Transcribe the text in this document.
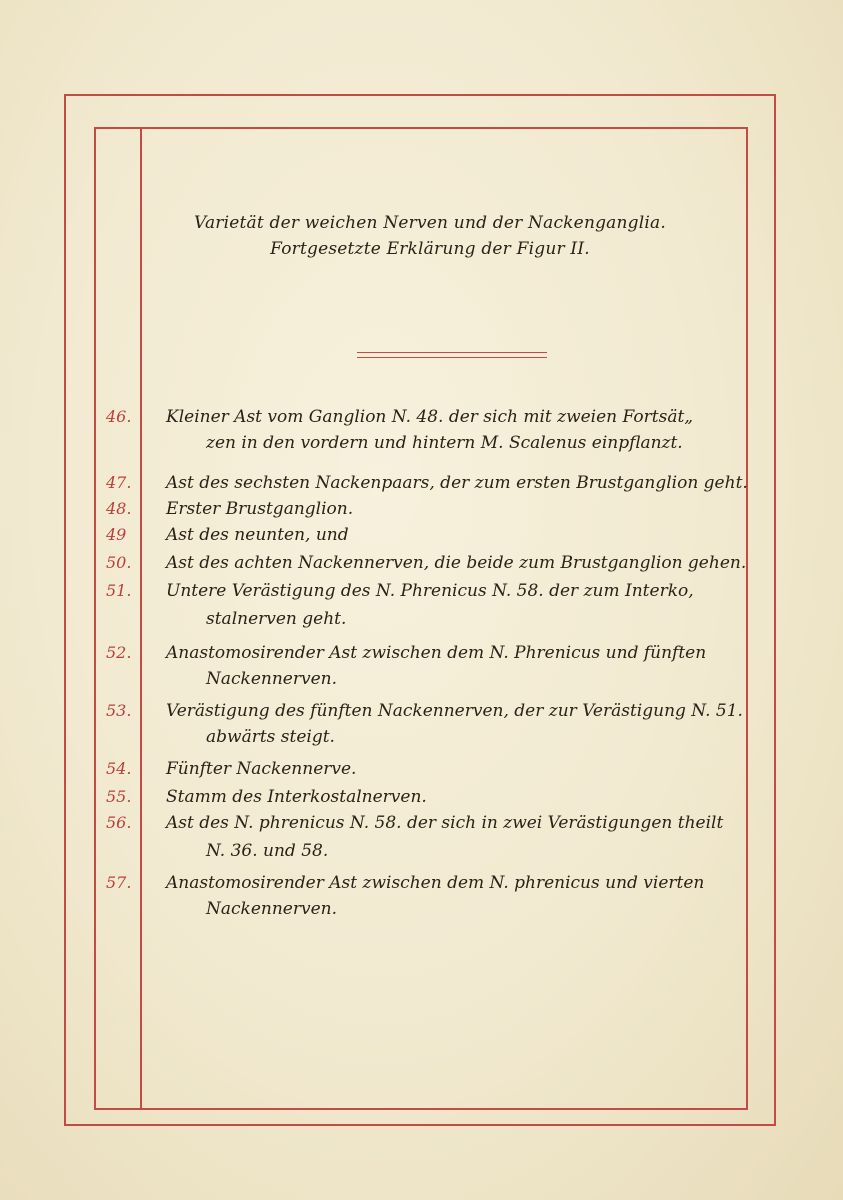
Varietät der weichen Nerven und der Nackenganglia.
Fortgesetzte Erklärung der Figur II.
46.	Kleiner Ast vom Ganglion N. 48. der sich mit zweien Fortsät„
zen in den vordern und hintern M. Scalenus einpflanzt.
47.	Ast des sechsten Nackenpaars, der zum ersten Brustganglion geht.
48.	Erster Brustganglion.
49	Ast des neunten, und
50.	Ast des achten Nackennerven, die beide zum Brustganglion gehen.
51.	Untere Verästigung des N. Phrenicus N. 58. der zum Interko,
stalnerven geht.
52.	Anastomosirender Ast zwischen dem N. Phrenicus und fünften
Nackennerven.
53.	Verästigung des fünften Nackennerven, der zur Verästigung N. 51.
abwärts steigt.
54.	Fünfter Nackennerve.
55.	Stamm des Interkostalnerven.
56.	Ast des N. phrenicus N. 58. der sich in zwei Verästigungen theilt
N. 36. und 58.
57.	Anastomosirender Ast zwischen dem N. phrenicus und vierten
Nackennerven.
